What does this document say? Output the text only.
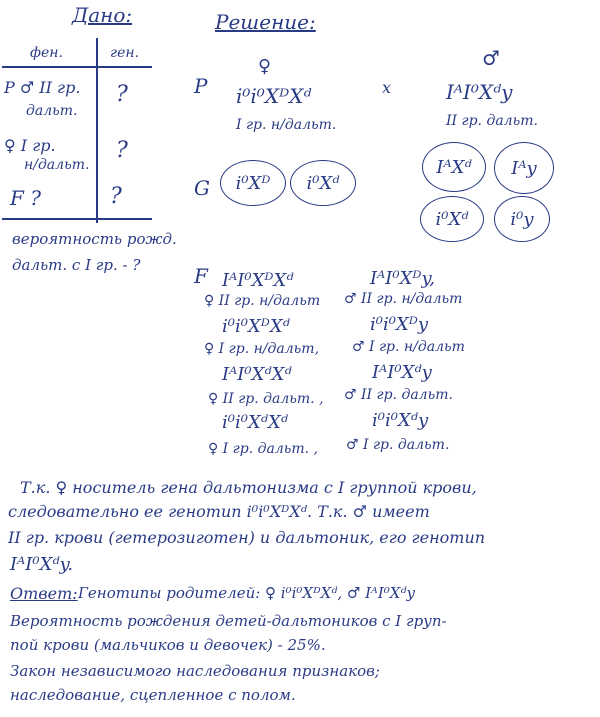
Дано:
фен.	ген.
P ♂ II гр.
дальт.
?
♀ I гр.
н/дальт.
?
F ?	?
вероятность рожд.
дальт. с I гр. - ?
Решение:
P
♀
i⁰i⁰XᴰXᵈ
I гр. н/дальт.
x
♂
IᴬI⁰Xᵈy
II гр. дальт.
G i⁰Xᴰ i⁰Xᵈ
IᴬXᵈ Iᴬy
i⁰Xᵈ i⁰y
F IᴬI⁰XᴰXᵈ
♀ II гр. н/дальт
IᴬI⁰Xᴰy,
♂ II гр. н/дальт
i⁰i⁰XᴰXᵈ
♀ I гр. н/дальт,
i⁰i⁰Xᴰy
♂ I гр. н/дальт
IᴬI⁰XᵈXᵈ
♀ II гр. дальт. ,
IᴬI⁰Xᵈy
♂ II гр. дальт.
i⁰i⁰XᵈXᵈ
♀ I гр. дальт. ,
i⁰i⁰Xᵈy
♂ I гр. дальт.
Т.к. ♀ носитель гена дальтонизма с I группой крови,
следовательно ее генотип i⁰i⁰XᴰXᵈ. Т.к. ♂ имеет
II гр. крови (гетерозиготен) и дальтоник, его генотип
IᴬI⁰Xᵈy.
Ответ: Генотипы родителей: ♀ i⁰i⁰XᴰXᵈ, ♂ IᴬI⁰Xᵈy
Вероятность рождения детей-дальтоников с I груп-
пой крови (мальчиков и девочек) - 25%.
Закон независимого наследования признаков;
наследование, сцепленное с полом.
